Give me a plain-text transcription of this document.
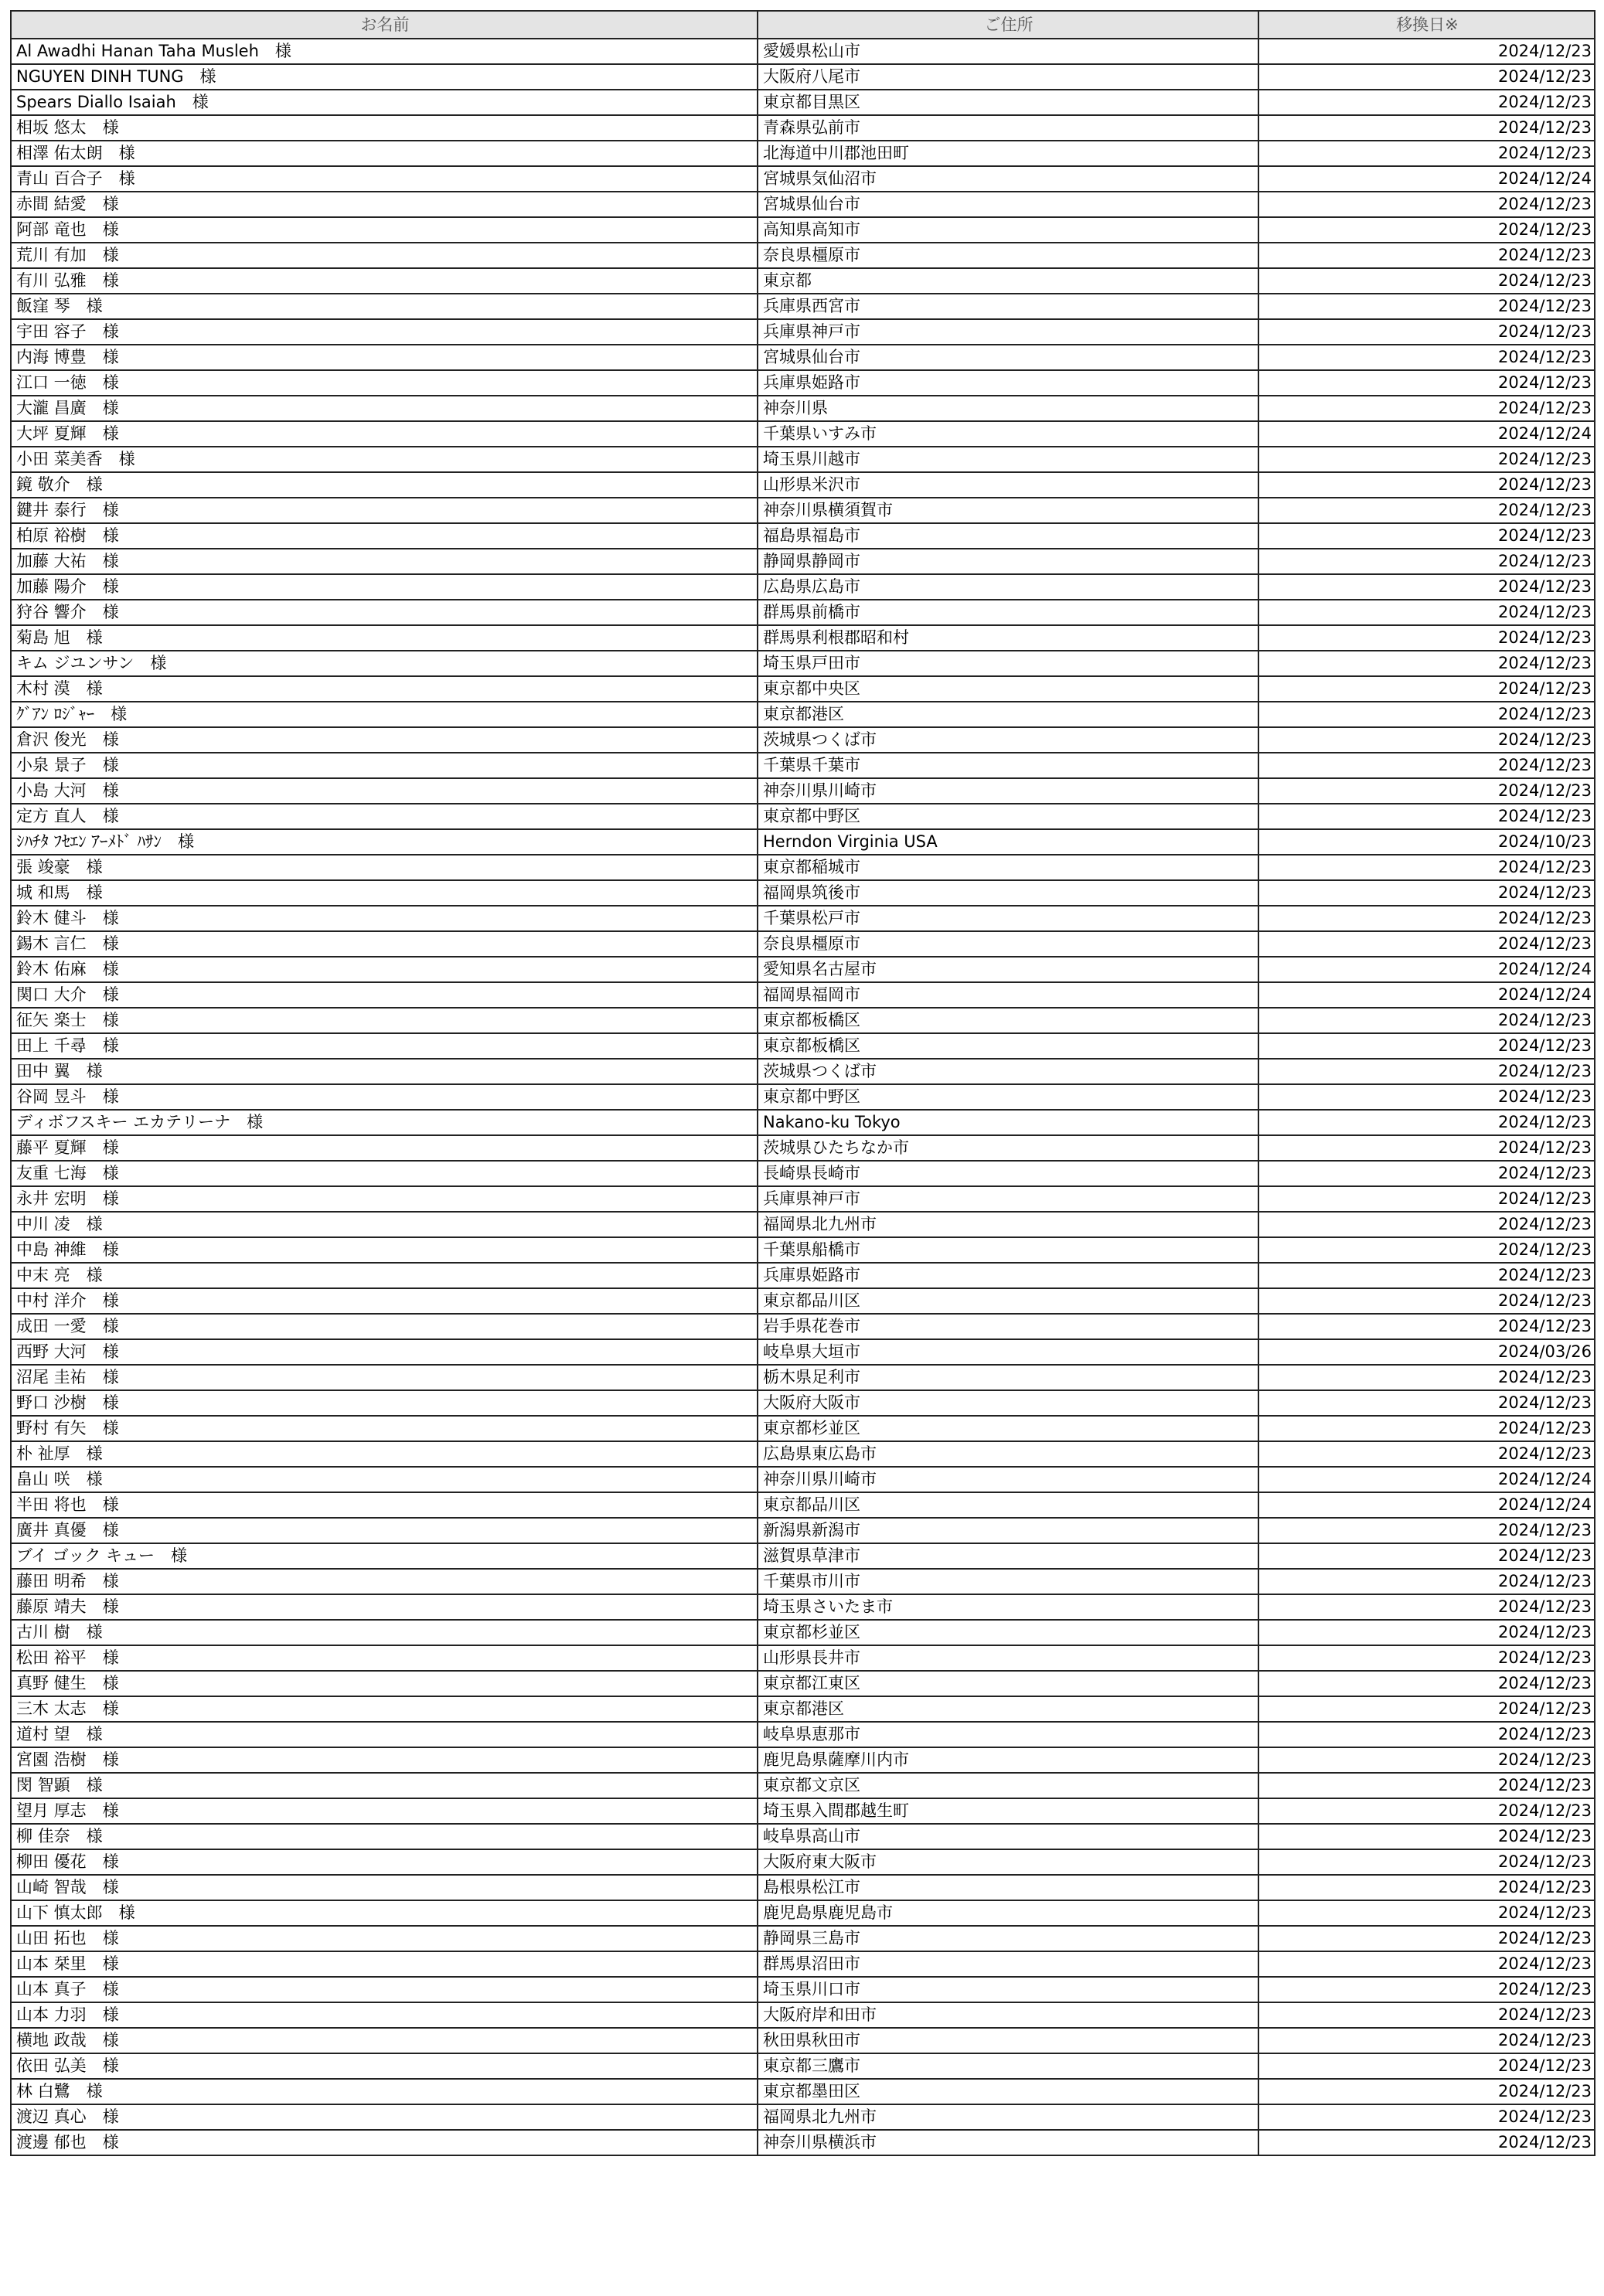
お名前	ご住所	移換日※
Al Awadhi Hanan Taha Musleh　様	愛媛県松山市	2024/12/23
NGUYEN DINH TUNG　様	大阪府八尾市	2024/12/23
Spears Diallo Isaiah　様	東京都目黒区	2024/12/23
相坂 悠太　様	青森県弘前市	2024/12/23
相澤 佑太朗　様	北海道中川郡池田町	2024/12/23
青山 百合子　様	宮城県気仙沼市	2024/12/24
赤間 結愛　様	宮城県仙台市	2024/12/23
阿部 竜也　様	高知県高知市	2024/12/23
荒川 有加　様	奈良県橿原市	2024/12/23
有川 弘雅　様	東京都	2024/12/23
飯窪 琴　様	兵庫県西宮市	2024/12/23
宇田 容子　様	兵庫県神戸市	2024/12/23
内海 博豊　様	宮城県仙台市	2024/12/23
江口 一徳　様	兵庫県姫路市	2024/12/23
大瀧 昌廣　様	神奈川県	2024/12/23
大坪 夏輝　様	千葉県いすみ市	2024/12/24
小田 菜美香　様	埼玉県川越市	2024/12/23
鏡 敬介　様	山形県米沢市	2024/12/23
鍵井 泰行　様	神奈川県横須賀市	2024/12/23
柏原 裕樹　様	福島県福島市	2024/12/23
加藤 大祐　様	静岡県静岡市	2024/12/23
加藤 陽介　様	広島県広島市	2024/12/23
狩谷 響介　様	群馬県前橋市	2024/12/23
菊島 旭　様	群馬県利根郡昭和村	2024/12/23
キム ジユンサン　様	埼玉県戸田市	2024/12/23
木村 漠　様	東京都中央区	2024/12/23
ｸﾞｱﾝ ﾛｼﾞｬｰ　様	東京都港区	2024/12/23
倉沢 俊光　様	茨城県つくば市	2024/12/23
小泉 景子　様	千葉県千葉市	2024/12/23
小島 大河　様	神奈川県川崎市	2024/12/23
定方 直人　様	東京都中野区	2024/12/23
ｼﾊﾁﾀ ﾌｾｴﾝ ｱｰﾒﾄﾞ ﾊｻﾝ　様	Herndon Virginia USA	2024/10/23
張 竣豪　様	東京都稲城市	2024/12/23
城 和馬　様	福岡県筑後市	2024/12/23
鈴木 健斗　様	千葉県松戸市	2024/12/23
錫木 言仁　様	奈良県橿原市	2024/12/23
鈴木 佑麻　様	愛知県名古屋市	2024/12/24
関口 大介　様	福岡県福岡市	2024/12/24
征矢 楽士　様	東京都板橋区	2024/12/23
田上 千尋　様	東京都板橋区	2024/12/23
田中 翼　様	茨城県つくば市	2024/12/23
谷岡 昱斗　様	東京都中野区	2024/12/23
ディボフスキー エカテリーナ　様	Nakano-ku Tokyo	2024/12/23
藤平 夏輝　様	茨城県ひたちなか市	2024/12/23
友重 七海　様	長崎県長崎市	2024/12/23
永井 宏明　様	兵庫県神戸市	2024/12/23
中川 凌　様	福岡県北九州市	2024/12/23
中島 神維　様	千葉県船橋市	2024/12/23
中末 亮　様	兵庫県姫路市	2024/12/23
中村 洋介　様	東京都品川区	2024/12/23
成田 一愛　様	岩手県花巻市	2024/12/23
西野 大河　様	岐阜県大垣市	2024/03/26
沼尾 圭祐　様	栃木県足利市	2024/12/23
野口 沙樹　様	大阪府大阪市	2024/12/23
野村 有矢　様	東京都杉並区	2024/12/23
朴 祉厚　様	広島県東広島市	2024/12/23
畠山 咲　様	神奈川県川崎市	2024/12/24
半田 将也　様	東京都品川区	2024/12/24
廣井 真優　様	新潟県新潟市	2024/12/23
ブイ ゴック キュー　様	滋賀県草津市	2024/12/23
藤田 明希　様	千葉県市川市	2024/12/23
藤原 靖夫　様	埼玉県さいたま市	2024/12/23
古川 樹　様	東京都杉並区	2024/12/23
松田 裕平　様	山形県長井市	2024/12/23
真野 健生　様	東京都江東区	2024/12/23
三木 太志　様	東京都港区	2024/12/23
道村 望　様	岐阜県恵那市	2024/12/23
宮園 浩樹　様	鹿児島県薩摩川内市	2024/12/23
閔 智顕　様	東京都文京区	2024/12/23
望月 厚志　様	埼玉県入間郡越生町	2024/12/23
柳 佳奈　様	岐阜県高山市	2024/12/23
柳田 優花　様	大阪府東大阪市	2024/12/23
山崎 智哉　様	島根県松江市	2024/12/23
山下 慎太郎　様	鹿児島県鹿児島市	2024/12/23
山田 拓也　様	静岡県三島市	2024/12/23
山本 栞里　様	群馬県沼田市	2024/12/23
山本 真子　様	埼玉県川口市	2024/12/23
山本 力羽　様	大阪府岸和田市	2024/12/23
横地 政哉　様	秋田県秋田市	2024/12/23
依田 弘美　様	東京都三鷹市	2024/12/23
林 白鷺　様	東京都墨田区	2024/12/23
渡辺 真心　様	福岡県北九州市	2024/12/23
渡邊 郁也　様	神奈川県横浜市	2024/12/23
